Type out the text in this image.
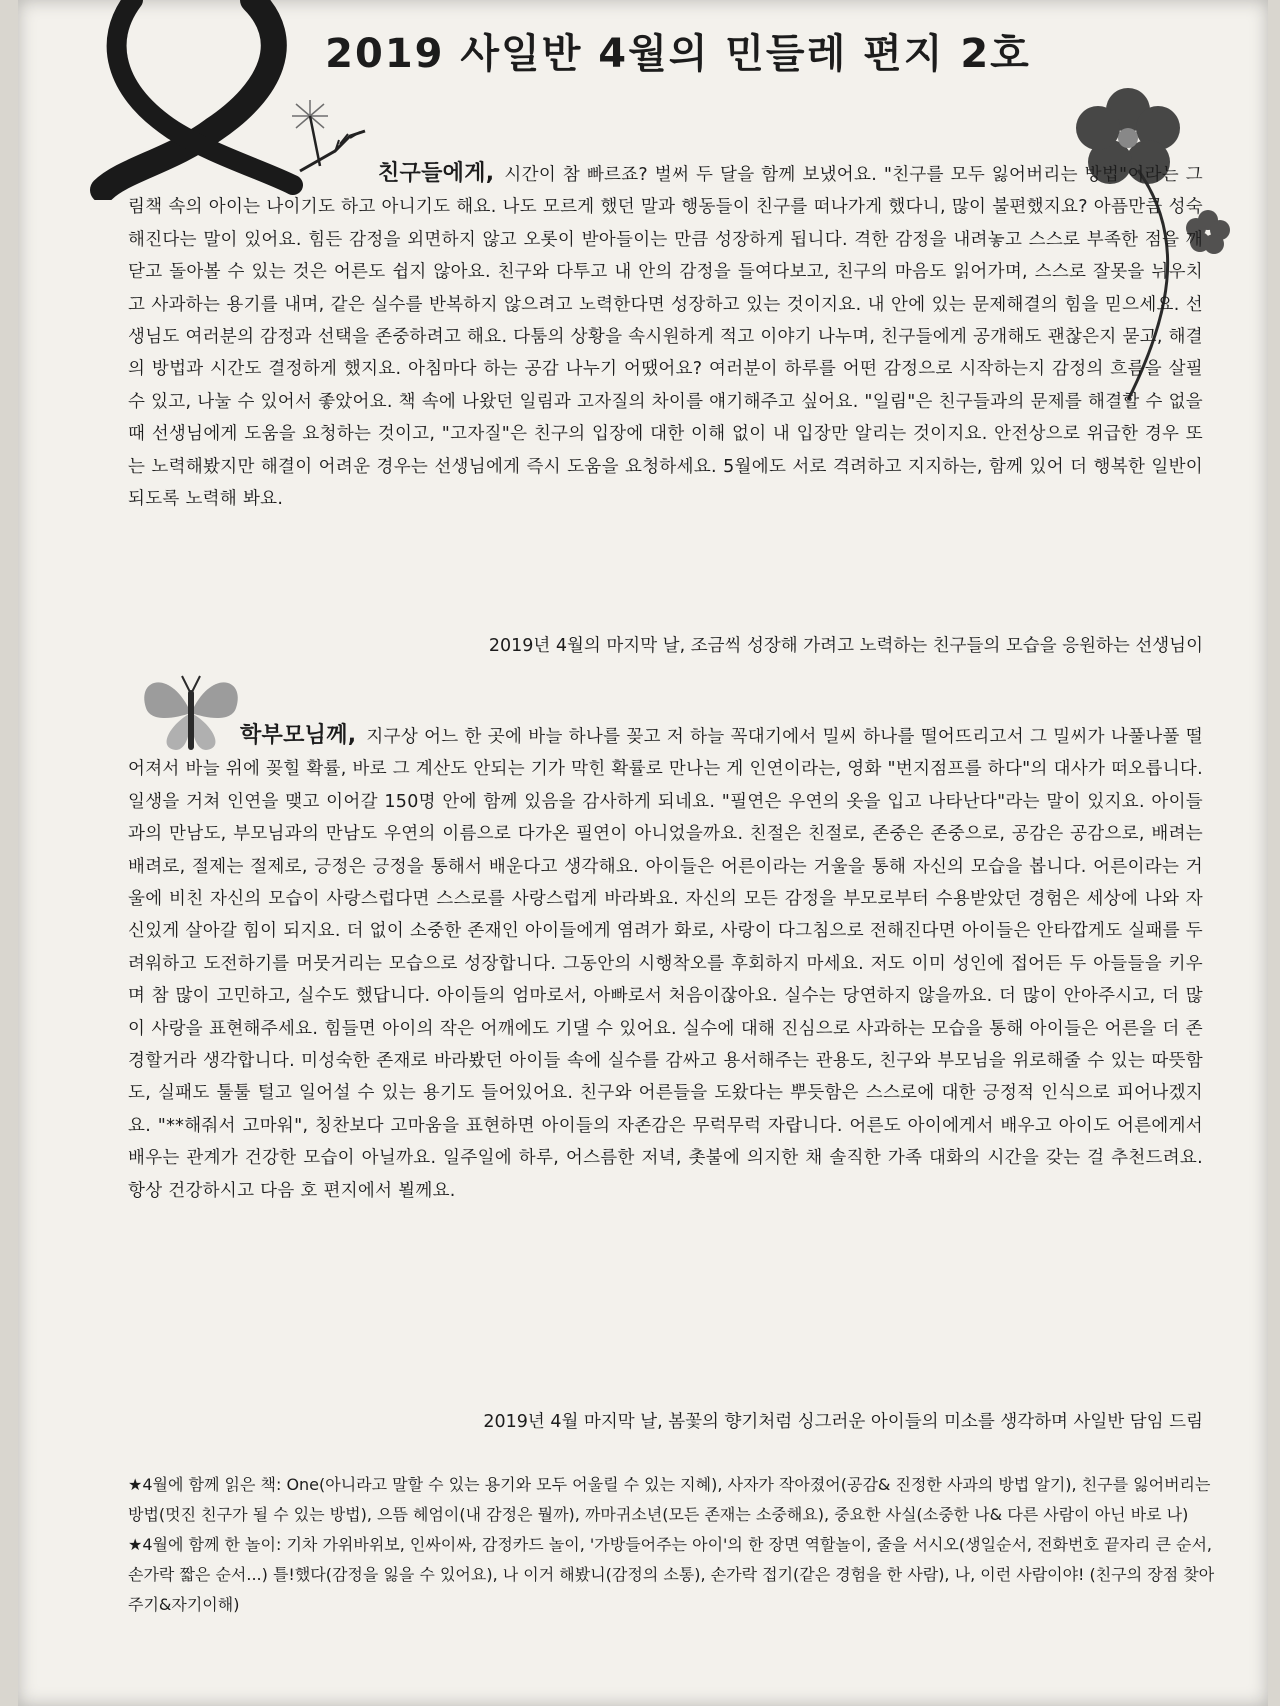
2019 사일반 4월의 민들레 편지 2호
친구들에게, 시간이 참 빠르죠? 벌써 두 달을 함께 보냈어요. "친구를 모두 잃어버리는 방법"이라는 그림책 속의 아이는 나이기도 하고 아니기도 해요. 나도 모르게 했던 말과 행동들이 친구를 떠나가게 했다니, 많이 불편했지요? 아픔만큼 성숙해진다는 말이 있어요. 힘든 감정을 외면하지 않고 오롯이 받아들이는 만큼 성장하게 됩니다. 격한 감정을 내려놓고 스스로 부족한 점을 깨닫고 돌아볼 수 있는 것은 어른도 쉽지 않아요. 친구와 다투고 내 안의 감정을 들여다보고, 친구의 마음도 읽어가며, 스스로 잘못을 뉘우치고 사과하는 용기를 내며, 같은 실수를 반복하지 않으려고 노력한다면 성장하고 있는 것이지요. 내 안에 있는 문제해결의 힘을 믿으세요. 선생님도 여러분의 감정과 선택을 존중하려고 해요. 다툼의 상황을 속시원하게 적고 이야기 나누며, 친구들에게 공개해도 괜찮은지 묻고, 해결의 방법과 시간도 결정하게 했지요. 아침마다 하는 공감 나누기 어땠어요? 여러분이 하루를 어떤 감정으로 시작하는지 감정의 흐름을 살필 수 있고, 나눌 수 있어서 좋았어요. 책 속에 나왔던 일림과 고자질의 차이를 얘기해주고 싶어요. "일림"은 친구들과의 문제를 해결할 수 없을 때 선생님에게 도움을 요청하는 것이고, "고자질"은 친구의 입장에 대한 이해 없이 내 입장만 알리는 것이지요. 안전상으로 위급한 경우 또는 노력해봤지만 해결이 어려운 경우는 선생님에게 즉시 도움을 요청하세요. 5월에도 서로 격려하고 지지하는, 함께 있어 더 행복한 일반이 되도록 노력해 봐요.
2019년 4월의 마지막 날, 조금씩 성장해 가려고 노력하는 친구들의 모습을 응원하는 선생님이
학부모님께, 지구상 어느 한 곳에 바늘 하나를 꽂고 저 하늘 꼭대기에서 밀씨 하나를 떨어뜨리고서 그 밀씨가 나풀나풀 떨어져서 바늘 위에 꽂힐 확률, 바로 그 계산도 안되는 기가 막힌 확률로 만나는 게 인연이라는, 영화 "번지점프를 하다"의 대사가 떠오릅니다. 일생을 거쳐 인연을 맺고 이어갈 150명 안에 함께 있음을 감사하게 되네요. "필연은 우연의 옷을 입고 나타난다"라는 말이 있지요. 아이들과의 만남도, 부모님과의 만남도 우연의 이름으로 다가온 필연이 아니었을까요. 친절은 친절로, 존중은 존중으로, 공감은 공감으로, 배려는 배려로, 절제는 절제로, 긍정은 긍정을 통해서 배운다고 생각해요. 아이들은 어른이라는 거울을 통해 자신의 모습을 봅니다. 어른이라는 거울에 비친 자신의 모습이 사랑스럽다면 스스로를 사랑스럽게 바라봐요. 자신의 모든 감정을 부모로부터 수용받았던 경험은 세상에 나와 자신있게 살아갈 힘이 되지요. 더 없이 소중한 존재인 아이들에게 염려가 화로, 사랑이 다그침으로 전해진다면 아이들은 안타깝게도 실패를 두려워하고 도전하기를 머뭇거리는 모습으로 성장합니다. 그동안의 시행착오를 후회하지 마세요. 저도 이미 성인에 접어든 두 아들들을 키우며 참 많이 고민하고, 실수도 했답니다. 아이들의 엄마로서, 아빠로서 처음이잖아요. 실수는 당연하지 않을까요. 더 많이 안아주시고, 더 많이 사랑을 표현해주세요. 힘들면 아이의 작은 어깨에도 기댈 수 있어요. 실수에 대해 진심으로 사과하는 모습을 통해 아이들은 어른을 더 존경할거라 생각합니다. 미성숙한 존재로 바라봤던 아이들 속에 실수를 감싸고 용서해주는 관용도, 친구와 부모님을 위로해줄 수 있는 따뜻함도, 실패도 툴툴 털고 일어설 수 있는 용기도 들어있어요. 친구와 어른들을 도왔다는 뿌듯함은 스스로에 대한 긍정적 인식으로 피어나겠지요. "**해줘서 고마워", 칭찬보다 고마움을 표현하면 아이들의 자존감은 무럭무럭 자랍니다. 어른도 아이에게서 배우고 아이도 어른에게서 배우는 관계가 건강한 모습이 아닐까요. 일주일에 하루, 어스름한 저녁, 촛불에 의지한 채 솔직한 가족 대화의 시간을 갖는 걸 추천드려요. 항상 건강하시고 다음 호 편지에서 뵐께요.
2019년 4월 마지막 날, 봄꽃의 향기처럼 싱그러운 아이들의 미소를 생각하며 사일반 담임 드림

★4월에 함께 읽은 책: One(아니라고 말할 수 있는 용기와 모두 어울릴 수 있는 지혜), 사자가 작아졌어(공감& 진정한 사과의 방법 알기), 친구를 잃어버리는 방법(멋진 친구가 될 수 있는 방법), 으뜸 헤엄이(내 감정은 뭘까), 까마귀소년(모든 존재는 소중해요), 중요한 사실(소중한 나& 다른 사람이 아닌 바로 나)

★4월에 함께 한 놀이: 기차 가위바위보, 인싸이싸, 감정카드 놀이, '가방들어주는 아이'의 한 장면 역할놀이, 줄을 서시오(생일순서, 전화번호 끝자리 큰 순서, 손가락 짧은 순서...) 틀!했다(감정을 잃을 수 있어요), 나 이거 해봤니(감정의 소통), 손가락 접기(같은 경험을 한 사람), 나, 이런 사람이야! (친구의 장점 찾아주기&자기이해)
